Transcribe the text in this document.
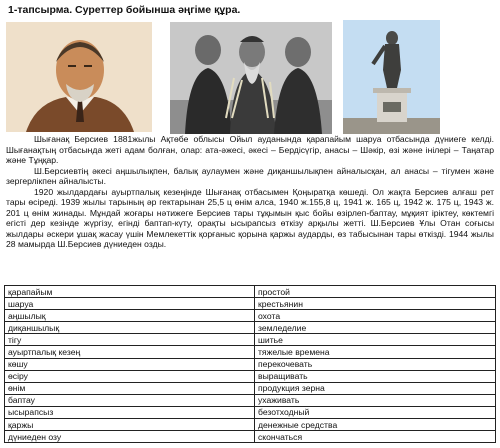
1-тапсырма. Суреттер бойынша әңгіме құра.

Шығанақ Берсиев 1881жылы Ақтөбе облысы Ойыл ауданында қарапайым шаруа отбасында дүниеге келді. Шығанақтың отбасында жеті адам болған, олар: ата-әжесі, әкесі – Бердісүгір, анасы – Шәкір, өзі және інілері – Таңатар және Тұңқар.

Ш.Берсиевтің әкесі аңшылықпен, балық аулаумен және диқаншылықпен айналысқан, ал анасы – тігумен және зергерлікпен айналысты.

1920 жылдардағы ауыртпалық кезеңінде Шығанақ отбасымен Қоңыратқа көшеді. Ол жақта Берсиев алғаш рет тары өсіреді. 1939 жылы тарының әр гектарынан 25,5 ц өнім алса, 1940 ж.155,8 ц, 1941 ж. 165 ц, 1942 ж. 175 ц, 1943 ж. 201 ц өнім жинады. Мұндай жоғары нәтижеге Берсиев тары тұқымын қыс бойы өзірлеп-баптау, мұқият іріктеу, көктемгі егісті дер кезінде жүргізу, егінді баптап-күту, орақты ысырапсыз өткізу арқылы жетті. Ш.Берсиев Ұлы Отан соғысы жылдары әскери ұшақ жасау үшін Мемлекеттік қорғаныс қорына қаржы аударды, өз табысынан тары өткізді. 1944 жылы 28 мамырда Ш.Берсиев дүниеден озды.

қарапайым	простой
шаруа	крестьянин
аңшылық	охота
диқаншылық	земледелие
тігу	шитье
ауыртпалық кезең	тяжелые времена
көшу	перекочевать
өсіру	выращивать
өнім	продукция зерна
баптау	ухаживать
ысырапсыз	безотходный
қаржы	денежные средства
дүниеден озу	скончаться
